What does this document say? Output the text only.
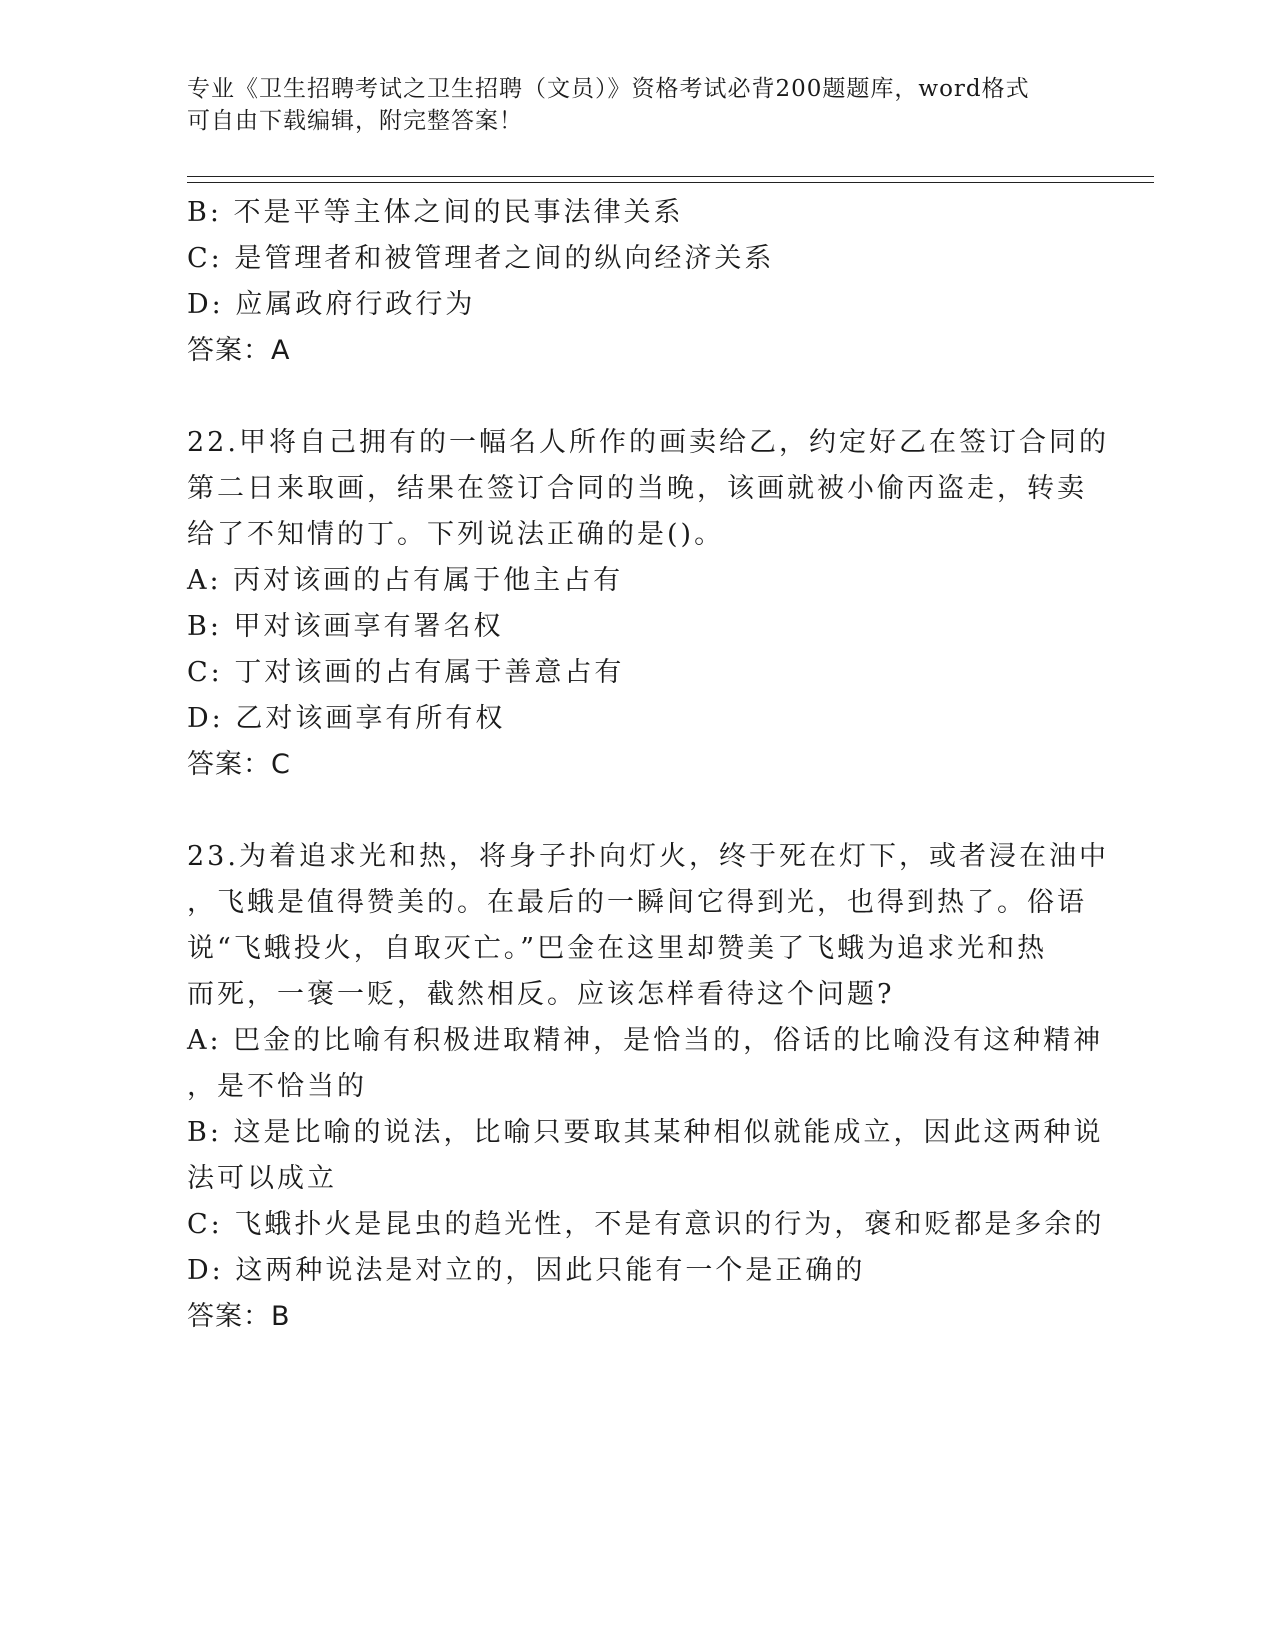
专业《卫生招聘考试之卫生招聘（文员）》资格考试必背200题题库，word格式
可自由下载编辑，附完整答案！
B: 不是平等主体之间的民事法律关系
C: 是管理者和被管理者之间的纵向经济关系
D: 应属政府行政行为
答案：A
22.甲将自己拥有的一幅名人所作的画卖给乙，约定好乙在签订合同的
第二日来取画，结果在签订合同的当晚，该画就被小偷丙盗走，转卖
给了不知情的丁。下列说法正确的是()。
A: 丙对该画的占有属于他主占有
B: 甲对该画享有署名权
C: 丁对该画的占有属于善意占有
D: 乙对该画享有所有权
答案：C
23.为着追求光和热，将身子扑向灯火，终于死在灯下，或者浸在油中
，飞蛾是值得赞美的。在最后的一瞬间它得到光，也得到热了。俗语
说“飞蛾投火，自取灭亡。”巴金在这里却赞美了飞蛾为追求光和热
而死，一褒一贬，截然相反。应该怎样看待这个问题?
A: 巴金的比喻有积极进取精神，是恰当的，俗话的比喻没有这种精神
，是不恰当的
B: 这是比喻的说法，比喻只要取其某种相似就能成立，因此这两种说
法可以成立
C: 飞蛾扑火是昆虫的趋光性，不是有意识的行为，褒和贬都是多余的
D: 这两种说法是对立的，因此只能有一个是正确的
答案：B
